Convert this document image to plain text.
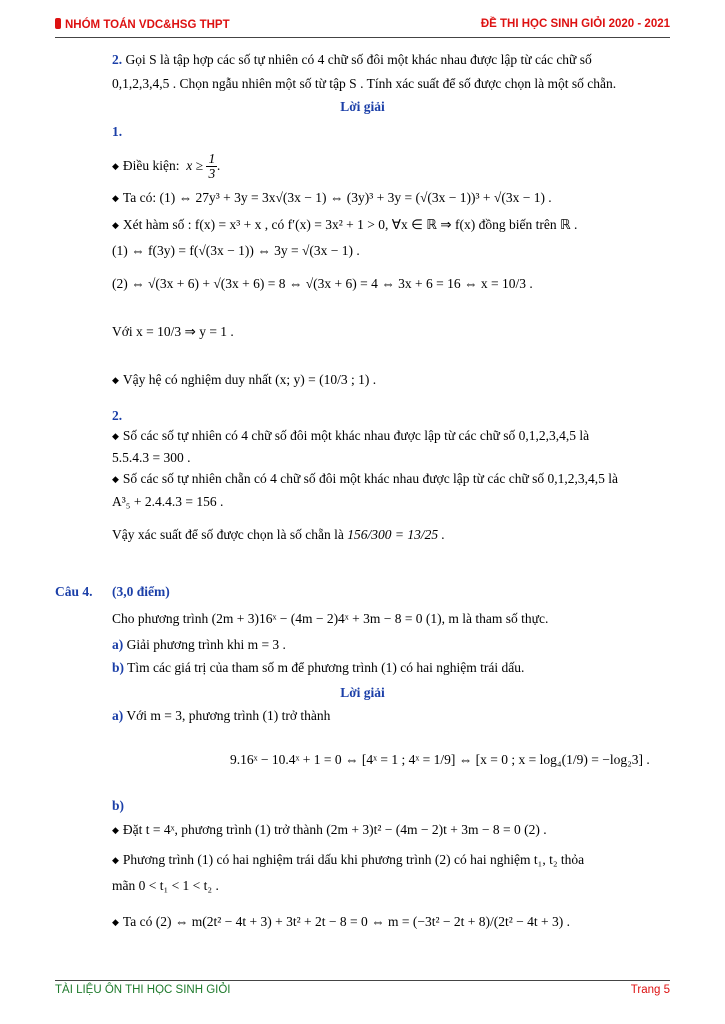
NHÓM TOÁN VDC&HSG THPT	ĐỀ THI HỌC SINH GIỎI 2020 - 2021
2. Gọi S là tập hợp các số tự nhiên có 4 chữ số đôi một khác nhau được lập từ các chữ số
0,1,2,3,4,5 . Chọn ngẫu nhiên một số từ tập S . Tính xác suất để số được chọn là một số chẵn.
Lời giải
1.
◆ Điều kiện:  $x \ge \frac{1}{3}$ .
◆ Ta có: (1) ⇔ 27y³ + 3y = 3x√(3x − 1) ⇔ (3y)³ + 3y = (√(3x − 1))³ + √(3x − 1) .
◆ Xét hàm số : f(x) = x³ + x , có f′(x) = 3x² + 1 > 0, ∀x ∈ ℝ ⇒ f(x) đồng biến trên ℝ .
(1) ⇔ f(3y) = f(√(3x − 1)) ⇔ 3y = √(3x − 1) .
(2) ⇔ √(3x + 6) + √(3x + 6) = 8 ⇔ √(3x + 6) = 4 ⇔ 3x + 6 = 16 ⇔ x = 10/3 .
Với x = 10/3 ⇒ y = 1 .
◆ Vậy hệ có nghiệm duy nhất (x; y) = (10/3 ; 1) .
2.
◆ Số các số tự nhiên có 4 chữ số đôi một khác nhau được lập từ các chữ số 0,1,2,3,4,5 là
5.5.4.3 = 300 .
◆ Số các số tự nhiên chẵn có 4 chữ số đôi một khác nhau được lập từ các chữ số 0,1,2,3,4,5 là
A³₅ + 2.4.4.3 = 156 .
Vậy xác suất để số được chọn là số chẵn là 156/300 = 13/25 .
Câu 4. (3,0 điểm)
Cho phương trình (2m + 3)16ˣ − (4m − 2)4ˣ + 3m − 8 = 0 (1), m là tham số thực.
a) Giải phương trình khi m = 3 .
b) Tìm các giá trị của tham số m để phương trình (1) có hai nghiệm trái dấu.
Lời giải
a) Với m = 3, phương trình (1) trở thành
9.16ˣ − 10.4ˣ + 1 = 0 ⇔ [4ˣ = 1 ; 4ˣ = 1/9] ⇔ [x = 0 ; x = log₄(1/9) = −log₂3] .
b)
◆ Đặt t = 4ˣ, phương trình (1) trở thành (2m + 3)t² − (4m − 2)t + 3m − 8 = 0 (2) .
◆ Phương trình (1) có hai nghiệm trái dấu khi phương trình (2) có hai nghiệm t₁, t₂ thỏa
mãn 0 < t₁ < 1 < t₂ .
◆ Ta có (2) ⇔ m(2t² − 4t + 3) + 3t² + 2t − 8 = 0 ⇔ m = (−3t² − 2t + 8)/(2t² − 4t + 3) .
TÀI LIỆU ÔN THI HỌC SINH GIỎI	Trang 5
